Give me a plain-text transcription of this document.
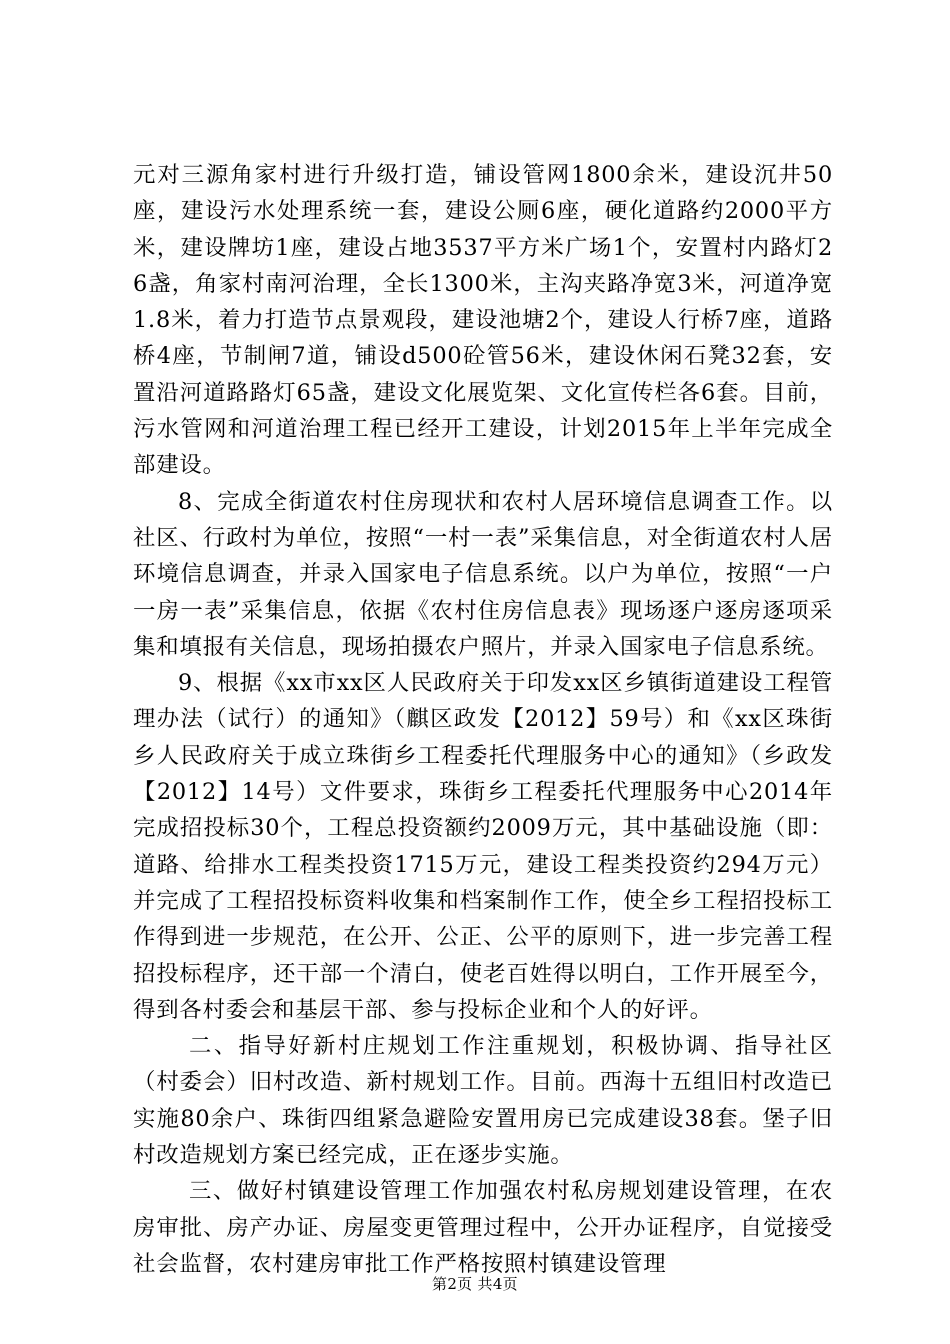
元对三源角家村进行升级打造，铺设管网1800余米，建设沉井50座，建设污水处理系统一套，建设公厕6座，硬化道路约2000平方米，建设牌坊1座，建设占地3537平方米广场1个，安置村内路灯26盏，角家村南河治理，全长1300米，主沟夹路净宽3米，河道净宽1.8米，着力打造节点景观段，建设池塘2个，建设人行桥7座，道路桥4座，节制闸7道，铺设d500砼管56米，建设休闲石凳32套，安置沿河道路路灯65盏，建设文化展览架、文化宣传栏各6套。目前，污水管网和河道治理工程已经开工建设，计划2015年上半年完成全部建设。

8、完成全街道农村住房现状和农村人居环境信息调查工作。以社区、行政村为单位，按照“一村一表”采集信息，对全街道农村人居环境信息调查，并录入国家电子信息系统。以户为单位，按照“一户一房一表”采集信息，依据《农村住房信息表》现场逐户逐房逐项采集和填报有关信息，现场拍摄农户照片，并录入国家电子信息系统。

9、根据《xx市xx区人民政府关于印发xx区乡镇街道建设工程管理办法（试行）的通知》（麒区政发【2012】59号）和《xx区珠街乡人民政府关于成立珠街乡工程委托代理服务中心的通知》（乡政发【2012】14号）文件要求，珠街乡工程委托代理服务中心2014年完成招投标30个，工程总投资额约2009万元，其中基础设施（即：道路、给排水工程类投资1715万元，建设工程类投资约294万元）并完成了工程招投标资料收集和档案制作工作，使全乡工程招投标工作得到进一步规范，在公开、公正、公平的原则下，进一步完善工程招投标程序，还干部一个清白，使老百姓得以明白，工作开展至今，得到各村委会和基层干部、参与投标企业和个人的好评。

二、指导好新村庄规划工作注重规划，积极协调、指导社区（村委会）旧村改造、新村规划工作。目前。西海十五组旧村改造已实施80余户、珠街四组紧急避险安置用房已完成建设38套。堡子旧村改造规划方案已经完成，正在逐步实施。

三、做好村镇建设管理工作加强农村私房规划建设管理，在农房审批、房产办证、房屋变更管理过程中，公开办证程序，自觉接受社会监督，农村建房审批工作严格按照村镇建设管理

第2页 共4页
